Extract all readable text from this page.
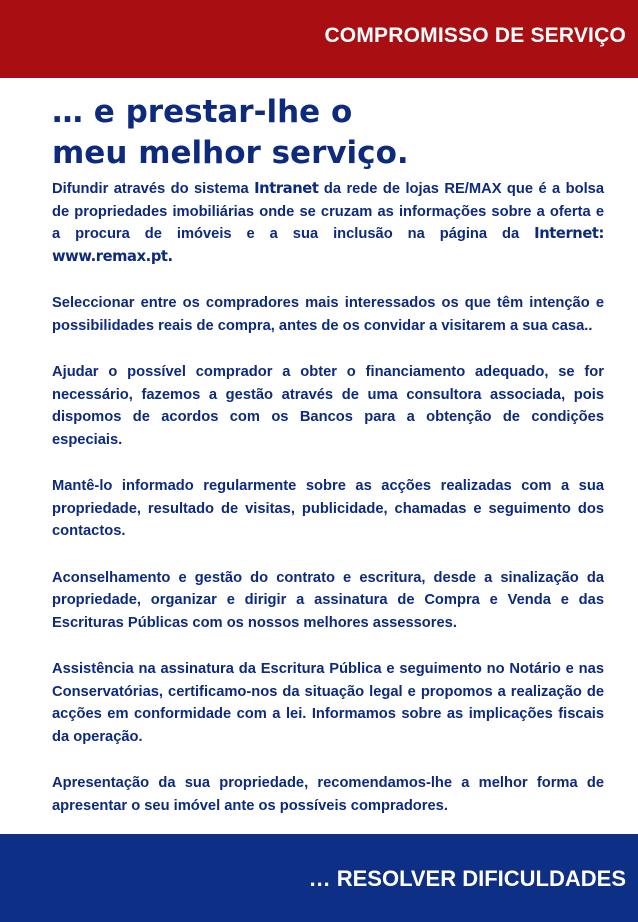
COMPROMISSO DE SERVIÇO
… e prestar-lhe o
meu melhor serviço.

Difundir através do sistema Intranet da rede de lojas RE/MAX que é a bolsa de propriedades imobiliárias onde se cruzam as informações sobre a oferta e a procura de imóveis e a sua inclusão na página da Internet: www.remax.pt.

Seleccionar entre os compradores mais interessados os que têm intenção e possibilidades reais de compra, antes de os convidar a visitarem a sua casa..

Ajudar o possível comprador a obter o financiamento adequado, se for necessário, fazemos a gestão através de uma consultora associada, pois dispomos de acordos com os Bancos para a obtenção de condições especiais.

Mantê-lo informado regularmente sobre as acções realizadas com a sua propriedade, resultado de visitas, publicidade, chamadas e seguimento dos contactos.

Aconselhamento e gestão do contrato e escritura, desde a sinalização da propriedade, organizar e dirigir a assinatura de Compra e Venda e das Escrituras Públicas com os nossos melhores assessores.

Assistência na assinatura da Escritura Pública e seguimento no Notário e nas Conservatórias, certificamo-nos da situação legal e propomos a realização de acções em conformidade com a lei. Informamos sobre as implicações fiscais da operação.

Apresentação da sua propriedade, recomendamos-lhe a melhor forma de apresentar o seu imóvel ante os possíveis compradores.

… RESOLVER DIFICULDADES
